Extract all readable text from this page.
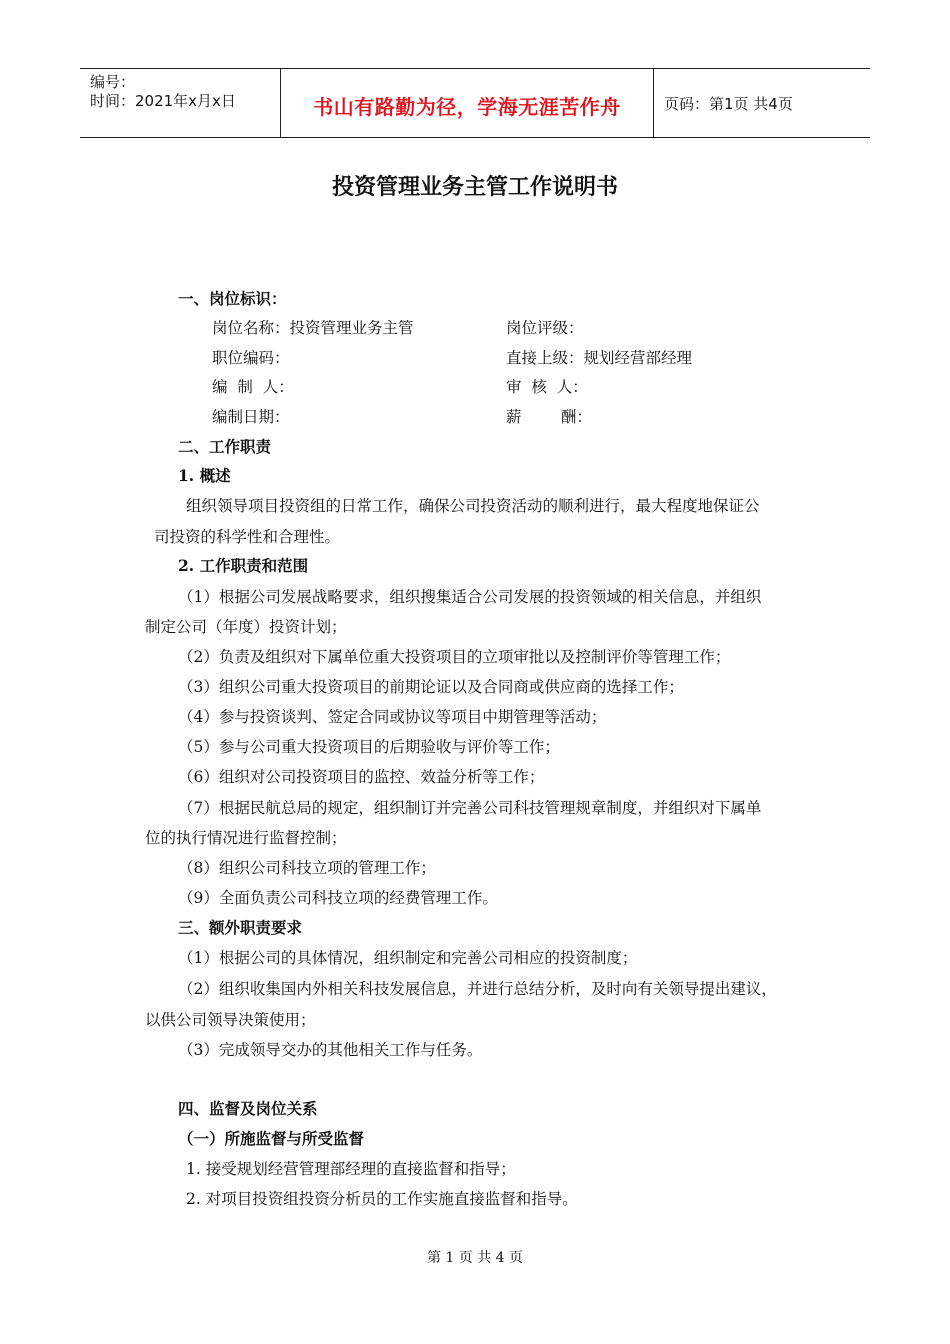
编号：
时间：2021年x月x日	书山有路勤为径，学海无涯苦作舟	页码：第1页 共4页
投资管理业务主管工作说明书
一、岗位标识：
岗位名称：投资管理业务主管	岗位评级：
职位编码：	直接上级：规划经营部经理
编  制  人：	审  核  人：
编制日期：	薪        酬：
二、工作职责
1. 概述
组织领导项目投资组的日常工作，确保公司投资活动的顺利进行，最大程度地保证公
司投资的科学性和合理性。
2. 工作职责和范围
（1）根据公司发展战略要求，组织搜集适合公司发展的投资领域的相关信息，并组织
制定公司（年度）投资计划；
（2）负责及组织对下属单位重大投资项目的立项审批以及控制评价等管理工作；
（3）组织公司重大投资项目的前期论证以及合同商或供应商的选择工作；
（4）参与投资谈判、签定合同或协议等项目中期管理等活动；
（5）参与公司重大投资项目的后期验收与评价等工作；
（6）组织对公司投资项目的监控、效益分析等工作；
（7）根据民航总局的规定，组织制订并完善公司科技管理规章制度，并组织对下属单
位的执行情况进行监督控制；
（8）组织公司科技立项的管理工作；
（9）全面负责公司科技立项的经费管理工作。
三、额外职责要求
（1）根据公司的具体情况，组织制定和完善公司相应的投资制度；
（2）组织收集国内外相关科技发展信息，并进行总结分析，及时向有关领导提出建议，
以供公司领导决策使用；
（3）完成领导交办的其他相关工作与任务。
四、监督及岗位关系
（一）所施监督与所受监督
1. 接受规划经营管理部经理的直接监督和指导；
2. 对项目投资组投资分析员的工作实施直接监督和指导。
第 1 页 共 4 页
